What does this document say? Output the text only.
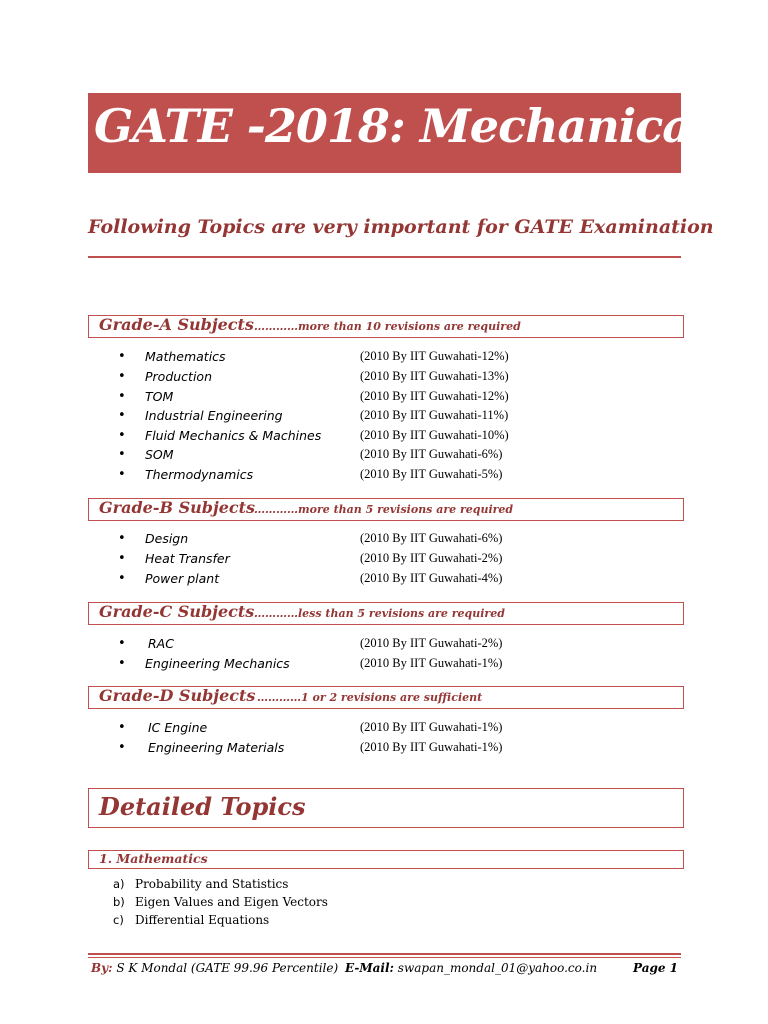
GATE -2018: Mechanical
Following Topics are very important for GATE Examination
Grade-A Subjects …………more than 10 revisions are required
• Mathematics	(2010 By IIT Guwahati-12%)
• Production	(2010 By IIT Guwahati-13%)
• TOM	(2010 By IIT Guwahati-12%)
• Industrial Engineering	(2010 By IIT Guwahati-11%)
• Fluid Mechanics & Machines	(2010 By IIT Guwahati-10%)
• SOM	(2010 By IIT Guwahati-6%)
• Thermodynamics	(2010 By IIT Guwahati-5%)
Grade-B Subjects
…………more than 5 revisions are required
• Design	(2010 By IIT Guwahati-6%)
• Heat Transfer	(2010 By IIT Guwahati-2%)
• Power plant	(2010 By IIT Guwahati-4%)
Grade-C Subjects …………less than 5 revisions are required
• RAC	(2010 By IIT Guwahati-2%)
• Engineering Mechanics	(2010 By IIT Guwahati-1%)
Grade-D Subjects …………1 or 2 revisions are sufficient
• IC Engine	(2010 By IIT Guwahati-1%)
• Engineering Materials	(2010 By IIT Guwahati-1%)
Detailed Topics
1. Mathematics
a) Probability and Statistics
b) Eigen Values and Eigen Vectors
c) Differential Equations
By: S K Mondal (GATE 99.96 Percentile) E-Mail: swapan_mondal_01@yahoo.co.in	Page 1
